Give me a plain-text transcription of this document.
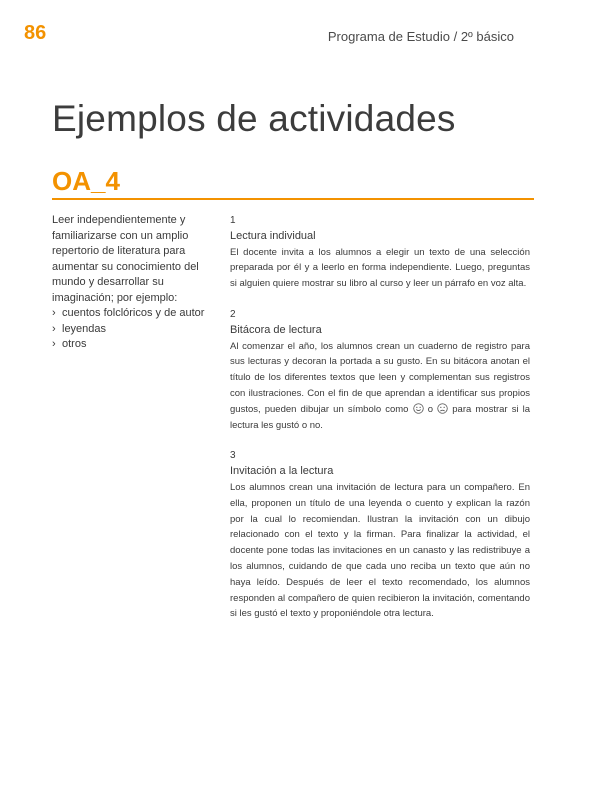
86	Programa de Estudio / 2º básico
Ejemplos de actividades
OA_4

Leer independientemente y familiarizarse con un amplio repertorio de literatura para aumentar su conocimiento del mundo y desarrollar su imaginación; por ejemplo:

› cuentos folclóricos y de autor
› leyendas
› otros
1
Lectura individual

El docente invita a los alumnos a elegir un texto de una selección preparada por él y a leerlo en forma independiente. Luego, preguntas si alguien quiere mostrar su libro al curso y leer un párrafo en voz alta.

2
Bitácora de lectura

Al comenzar el año, los alumnos crean un cuaderno de registro para sus lecturas y decoran la portada a su gusto. En su bitácora anotan el título de los diferentes textos que leen y complementan sus registros con ilustraciones. Con el fin de que aprendan a identificar sus propios gustos, pueden dibujar un símbolo como o para mostrar si la lectura les gustó o no.

3
Invitación a la lectura

Los alumnos crean una invitación de lectura para un compañero. En ella, proponen un título de una leyenda o cuento y explican la razón por la cual lo recomiendan. Ilustran la invitación con un dibujo relacionado con el texto y la firman. Para finalizar la actividad, el docente pone todas las invitaciones en un canasto y las redistribuye a los alumnos, cuidando de que cada uno reciba un texto que aún no haya leído. Después de leer el texto recomendado, los alumnos responden al compañero de quien recibieron la invitación, comentando si les gustó el texto y proponiéndole otra lectura.
